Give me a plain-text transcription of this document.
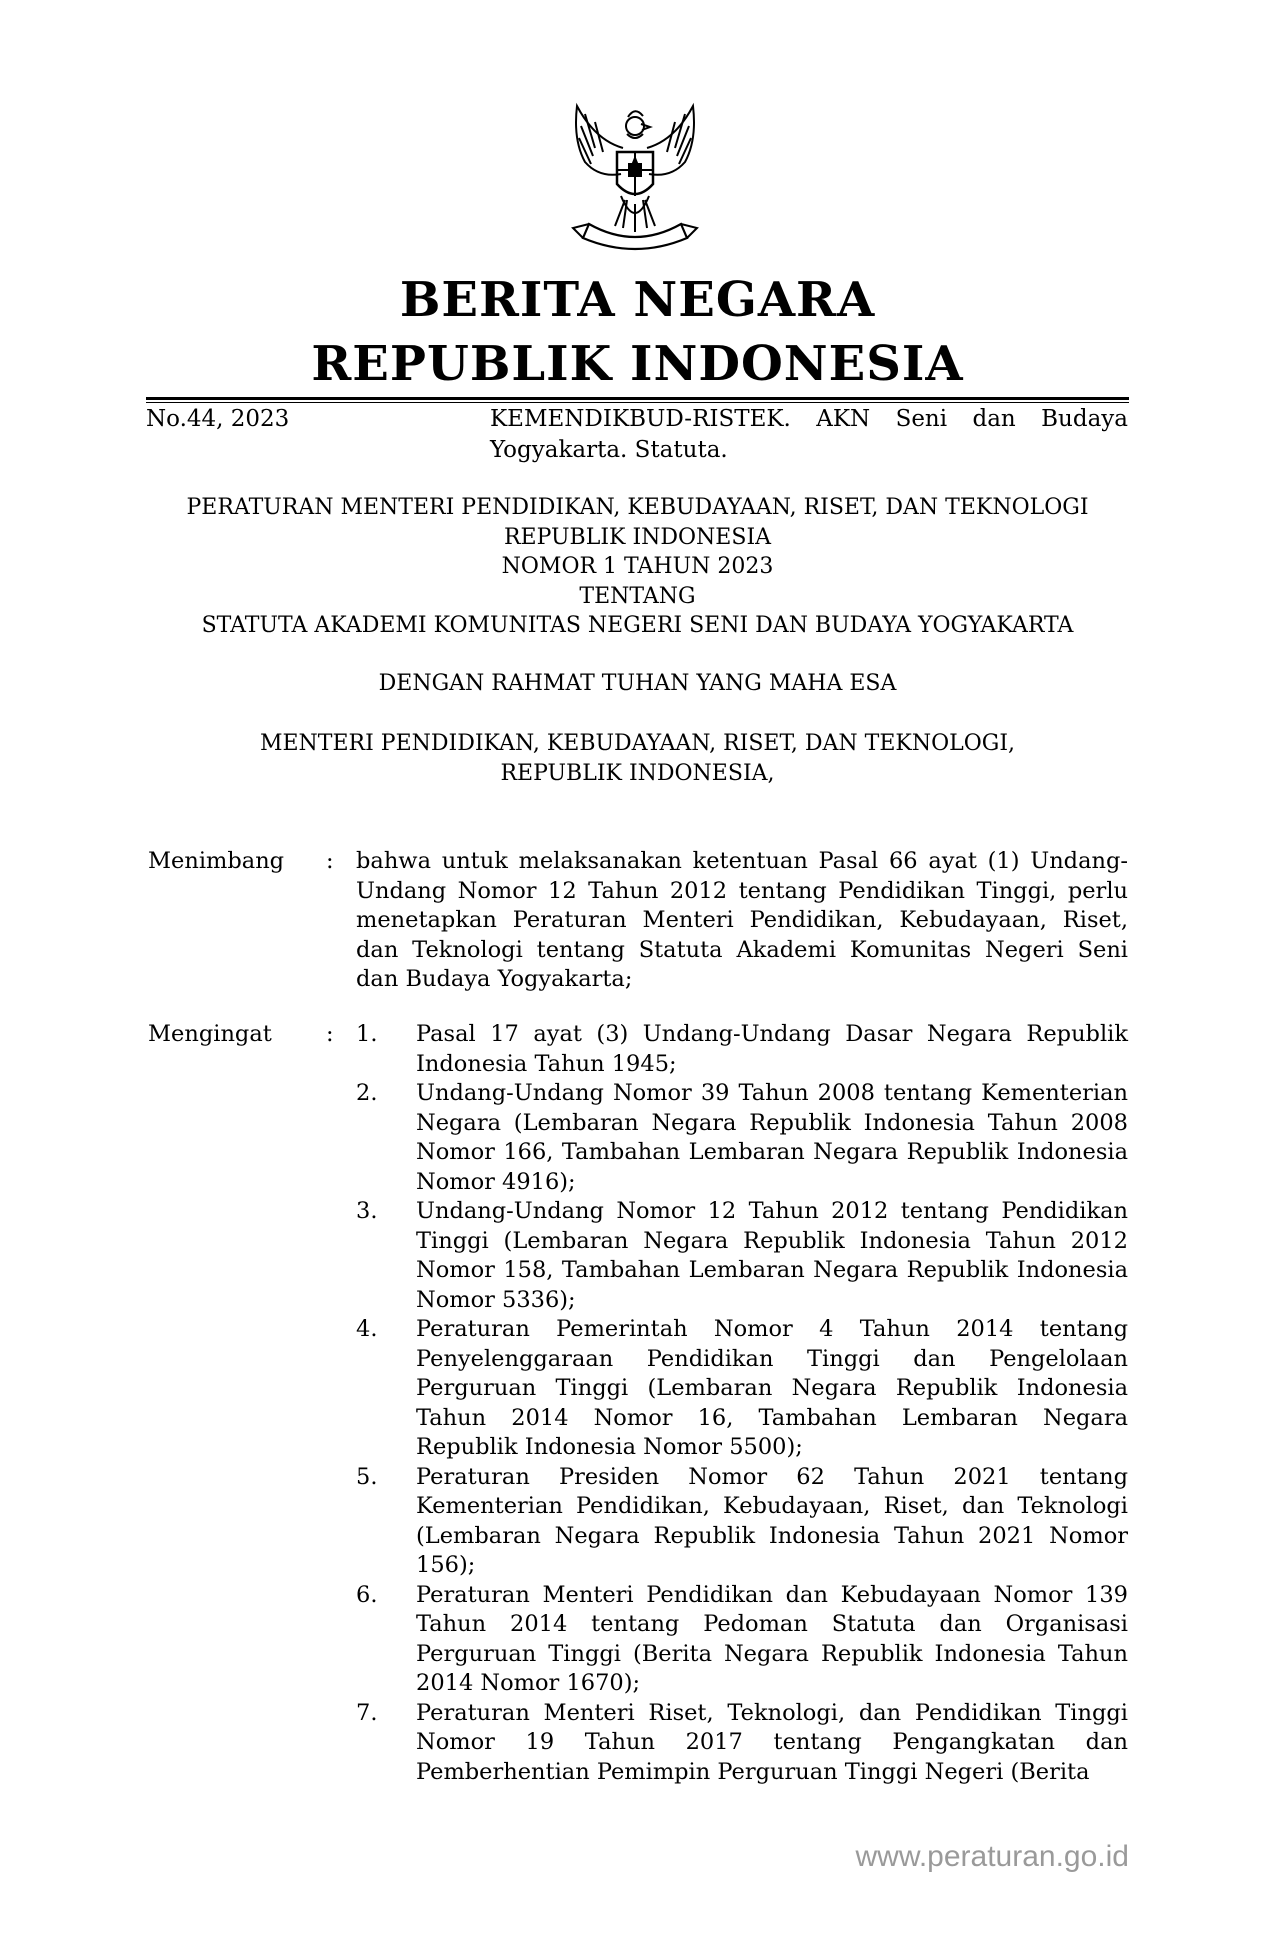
BERITA NEGARA
REPUBLIK INDONESIA
No.44, 2023	KEMENDIKBUD-RISTEK. AKN Seni dan Budaya Yogyakarta. Statuta.
PERATURAN MENTERI PENDIDIKAN, KEBUDAYAAN, RISET, DAN TEKNOLOGI
REPUBLIK INDONESIA
NOMOR 1 TAHUN 2023
TENTANG
STATUTA AKADEMI KOMUNITAS NEGERI SENI DAN BUDAYA YOGYAKARTA
DENGAN RAHMAT TUHAN YANG MAHA ESA
MENTERI PENDIDIKAN, KEBUDAYAAN, RISET, DAN TEKNOLOGI,
REPUBLIK INDONESIA,
Menimbang : bahwa untuk melaksanakan ketentuan Pasal 66 ayat (1) Undang-Undang Nomor 12 Tahun 2012 tentang Pendidikan Tinggi, perlu menetapkan Peraturan Menteri Pendidikan, Kebudayaan, Riset, dan Teknologi tentang Statuta Akademi Komunitas Negeri Seni dan Budaya Yogyakarta;
Mengingat : 1. Pasal 17 ayat (3) Undang-Undang Dasar Negara Republik Indonesia Tahun 1945;
2. Undang-Undang Nomor 39 Tahun 2008 tentang Kementerian Negara (Lembaran Negara Republik Indonesia Tahun 2008 Nomor 166, Tambahan Lembaran Negara Republik Indonesia Nomor 4916);
3. Undang-Undang Nomor 12 Tahun 2012 tentang Pendidikan Tinggi (Lembaran Negara Republik Indonesia Tahun 2012 Nomor 158, Tambahan Lembaran Negara Republik Indonesia Nomor 5336);
4. Peraturan Pemerintah Nomor 4 Tahun 2014 tentang Penyelenggaraan Pendidikan Tinggi dan Pengelolaan Perguruan Tinggi (Lembaran Negara Republik Indonesia Tahun 2014 Nomor 16, Tambahan Lembaran Negara Republik Indonesia Nomor 5500);
5. Peraturan Presiden Nomor 62 Tahun 2021 tentang Kementerian Pendidikan, Kebudayaan, Riset, dan Teknologi (Lembaran Negara Republik Indonesia Tahun 2021 Nomor 156);
6. Peraturan Menteri Pendidikan dan Kebudayaan Nomor 139 Tahun 2014 tentang Pedoman Statuta dan Organisasi Perguruan Tinggi (Berita Negara Republik Indonesia Tahun 2014 Nomor 1670);
7. Peraturan Menteri Riset, Teknologi, dan Pendidikan Tinggi Nomor 19 Tahun 2017 tentang Pengangkatan dan Pemberhentian Pemimpin Perguruan Tinggi Negeri (Berita
www.peraturan.go.id
